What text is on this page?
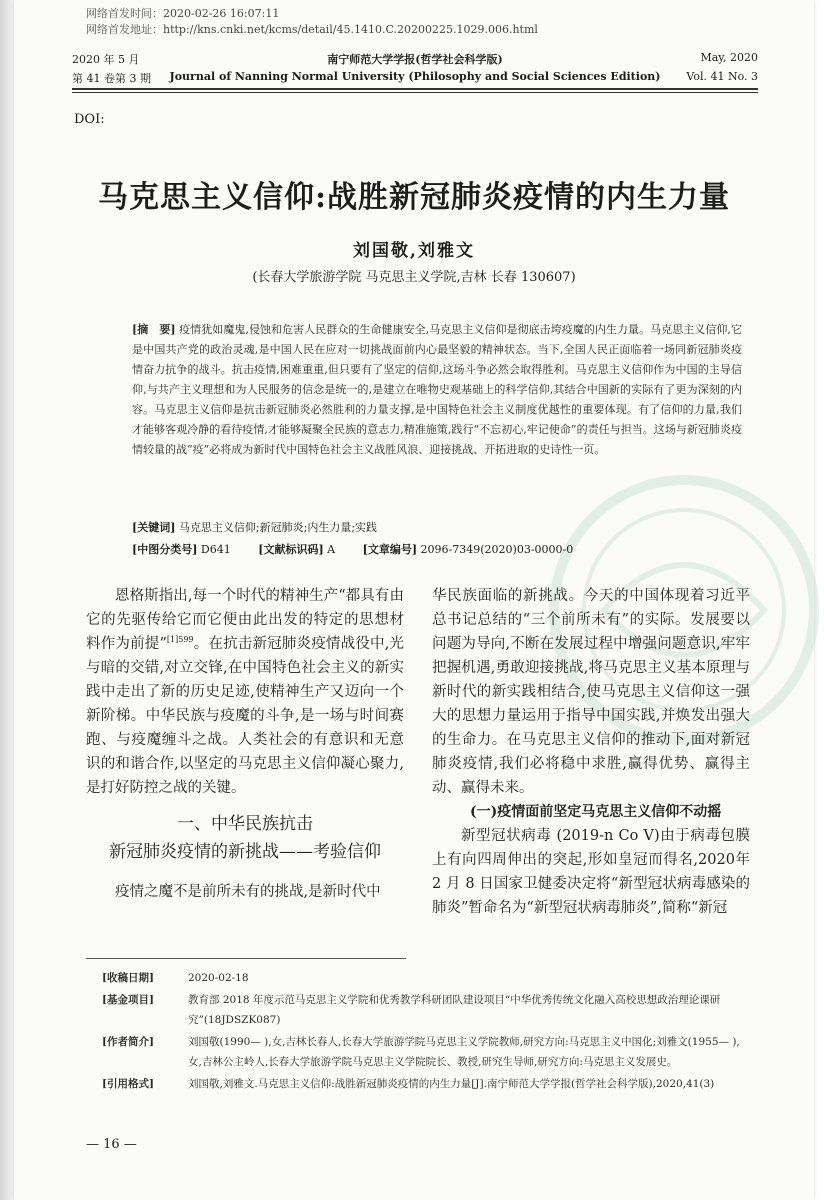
网络首发时间：2020-02-26 16:07:11
网络首发地址：http://kns.cnki.net/kcms/detail/45.1410.C.20200225.1029.006.html
2020 年 5 月	南宁师范大学学报(哲学社会科学版)	May, 2020
第 41 卷第 3 期	Journal of Nanning Normal University (Philosophy and Social Sciences Edition)	Vol. 41 No. 3
DOI:
马克思主义信仰:战胜新冠肺炎疫情的内生力量
刘国敬,刘雅文
(长春大学旅游学院 马克思主义学院,吉林 长春 130607)
[摘　要] 疫情犹如魔鬼,侵蚀和危害人民群众的生命健康安全,马克思主义信仰是彻底击垮疫魔的内生力量。马克思主义信仰,它是中国共产党的政治灵魂,是中国人民在应对一切挑战面前内心最坚毅的精神状态。当下,全国人民正面临着一场同新冠肺炎疫情奋力抗争的战斗。抗击疫情,困难重重,但只要有了坚定的信仰,这场斗争必然会取得胜利。马克思主义信仰作为中国的主导信仰,与共产主义理想和为人民服务的信念是统一的,是建立在唯物史观基础上的科学信仰,其结合中国新的实际有了更为深刻的内容。马克思主义信仰是抗击新冠肺炎必然胜利的力量支撑,是中国特色社会主义制度优越性的重要体现。有了信仰的力量,我们才能够客观冷静的看待疫情,才能够凝聚全民族的意志力,精准施策,践行“不忘初心,牢记使命”的责任与担当。这场与新冠肺炎疫情较量的战“疫”必将成为新时代中国特色社会主义战胜风浪、迎接挑战、开拓进取的史诗性一页。
[关键词] 马克思主义信仰;新冠肺炎;内生力量;实践
[中图分类号] D641	[文献标识码] A	[文章编号] 2096-7349(2020)03-0000-0

恩格斯指出,每一个时代的精神生产“都具有由它的先驱传给它而它便由此出发的特定的思想材料作为前提”$^{[1]599}$。在抗击新冠肺炎疫情战役中,光与暗的交错,对立交锋,在中国特色社会主义的新实践中走出了新的历史足迹,使精神生产又迈向一个新阶梯。中华民族与疫魔的斗争,是一场与时间赛跑、与疫魔缠斗之战。人类社会的有意识和无意识的和谐合作,以坚定的马克思主义信仰凝心聚力,是打好防控之战的关键。

一、中华民族抗击
新冠肺炎疫情的新挑战——考验信仰

疫情之魔不是前所未有的挑战,是新时代中

华民族面临的新挑战。今天的中国体现着习近平总书记总结的“三个前所未有”的实际。发展要以问题为导向,不断在发展过程中增强问题意识,牢牢把握机遇,勇敢迎接挑战,将马克思主义基本原理与新时代的新实践相结合,使马克思主义信仰这一强大的思想力量运用于指导中国实践,并焕发出强大的生命力。在马克思主义信仰的推动下,面对新冠肺炎疫情,我们必将稳中求胜,赢得优势、赢得主动、赢得未来。

(一)疫情面前坚定马克思主义信仰不动摇

新型冠状病毒 (2019-n Co V)由于病毒包膜上有向四周伸出的突起,形如皇冠而得名,2020年 2 月 8 日国家卫健委决定将“新型冠状病毒感染的肺炎”暂命名为“新型冠状病毒肺炎”,简称“新冠

[收稿日期]	2020-02-18
[基金项目]	教育部 2018 年度示范马克思主义学院和优秀教学科研团队建设项目“中华优秀传统文化融入高校思想政治理论课研究”(18JDSZK087)
[作者简介]	刘国敬(1990— ),女,吉林长春人,长春大学旅游学院马克思主义学院教师,研究方向:马克思主义中国化;刘雅文(1955— ),女,吉林公主岭人,长春大学旅游学院马克思主义学院院长、教授,研究生导师,研究方向:马克思主义发展史。
[引用格式]	刘国敬,刘雅文.马克思主义信仰:战胜新冠肺炎疫情的内生力量[J].南宁师范大学学报(哲学社会科学版),2020,41(3)
— 16 —
